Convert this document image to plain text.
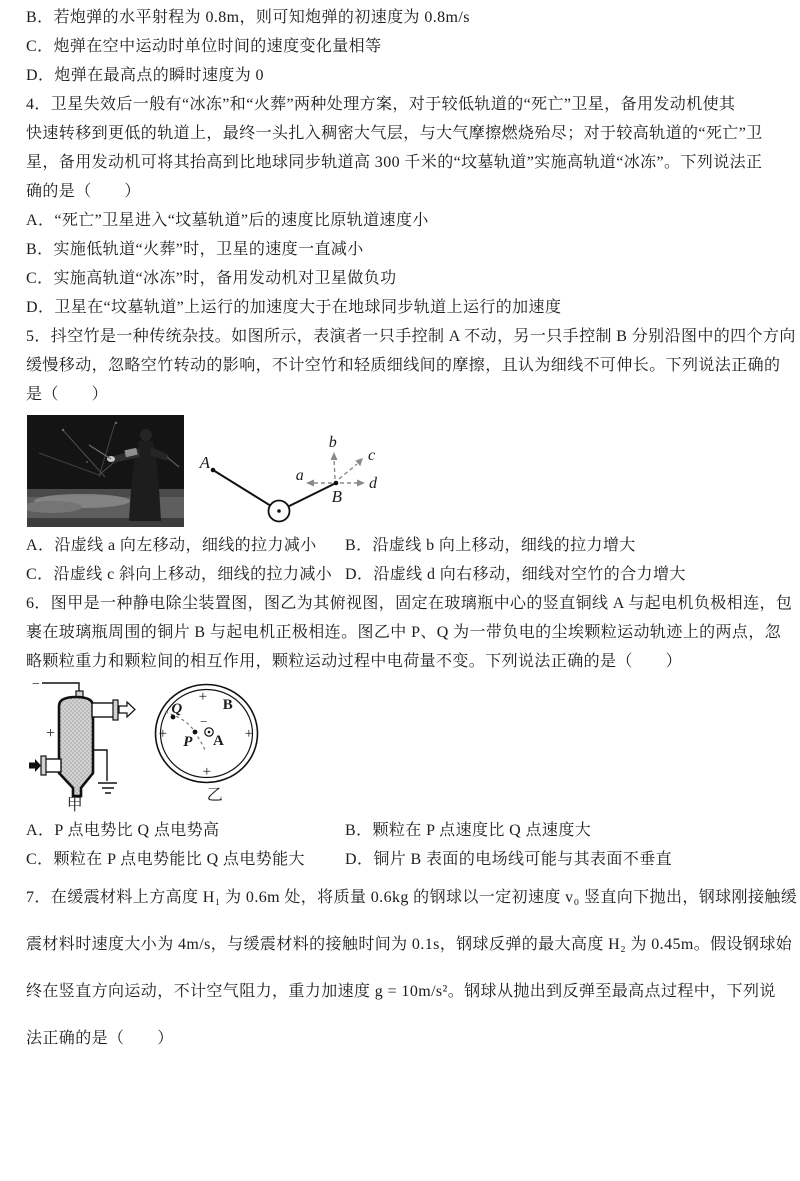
B．若炮弹的水平射程为 0.8m，则可知炮弹的初速度为 0.8m/s
C．炮弹在空中运动时单位时间的速度变化量相等
D．炮弹在最高点的瞬时速度为 0
4．卫星失效后一般有“冰冻”和“火葬”两种处理方案，对于较低轨道的“死亡”卫星，备用发动机使其
快速转移到更低的轨道上，最终一头扎入稠密大气层，与大气摩擦燃烧殆尽；对于较高轨道的“死亡”卫
星，备用发动机可将其抬高到比地球同步轨道高 300 千米的“坟墓轨道”实施高轨道“冰冻”。下列说法正
确的是（　　）
A．“死亡”卫星进入“坟墓轨道”后的速度比原轨道速度小
B．实施低轨道“火葬”时，卫星的速度一直减小
C．实施高轨道“冰冻”时，备用发动机对卫星做负功
D．卫星在“坟墓轨道”上运行的加速度大于在地球同步轨道上运行的加速度
5．抖空竹是一种传统杂技。如图所示，表演者一只手控制 A 不动，另一只手控制 B 分别沿图中的四个方向
缓慢移动，忽略空竹转动的影响，不计空竹和轻质细线间的摩擦，且认为细线不可伸长。下列说法正确的
是（　　）
A
B
a
b
c
d
A．沿虚线 a 向左移动，细线的拉力减小 B．沿虚线 b 向上移动，细线的拉力增大
C．沿虚线 c 斜向上移动，细线的拉力减小 D．沿虚线 d 向右移动，细线对空竹的合力增大
6．图甲是一种静电除尘装置图，图乙为其俯视图，固定在玻璃瓶中心的竖直铜线 A 与起电机负极相连，包
裹在玻璃瓶周围的铜片 B 与起电机正极相连。图乙中 P、Q 为一带负电的尘埃颗粒运动轨迹上的两点，忽
略颗粒重力和颗粒间的相互作用，颗粒运动过程中电荷量不变。下列说法正确的是（　　）
−
+
甲
+
+
+
+
B
Q
P
−
A
乙
A．P 点电势比 Q 点电势高	B．颗粒在 P 点速度比 Q 点速度大
C．颗粒在 P 点电势能比 Q 点电势能大	D．铜片 B 表面的电场线可能与其表面不垂直
7．在缓震材料上方高度 H₁ 为 0.6m 处，将质量 0.6kg 的钢球以一定初速度 v₀ 竖直向下抛出，钢球刚接触缓
震材料时速度大小为 4m/s，与缓震材料的接触时间为 0.1s，钢球反弹的最大高度 H₂ 为 0.45m。假设钢球始
终在竖直方向运动，不计空气阻力，重力加速度 g = 10m/s²。钢球从抛出到反弹至最高点过程中，下列说
法正确的是（　　）
